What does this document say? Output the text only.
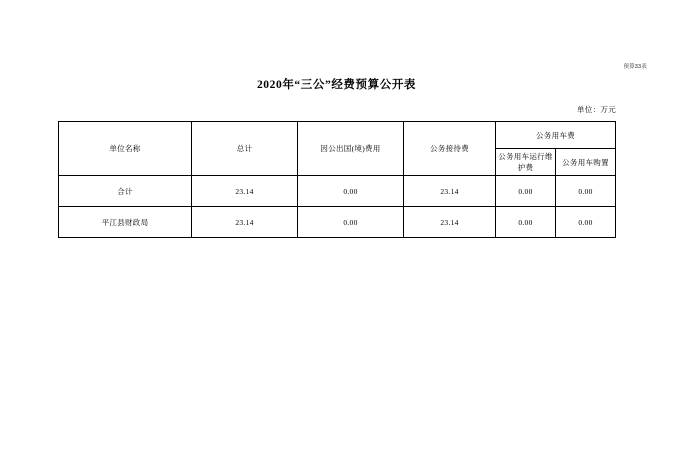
预算33表
2020年“三公”经费预算公开表
单位：万元
单位名称	总计	因公出国(境)费用	公务接待费	公务用车费	
				公务用车运行维护费	公务用车购置
合计	23.14	0.00	23.14	0.00	0.00
平江县财政局	23.14	0.00	23.14	0.00	0.00
